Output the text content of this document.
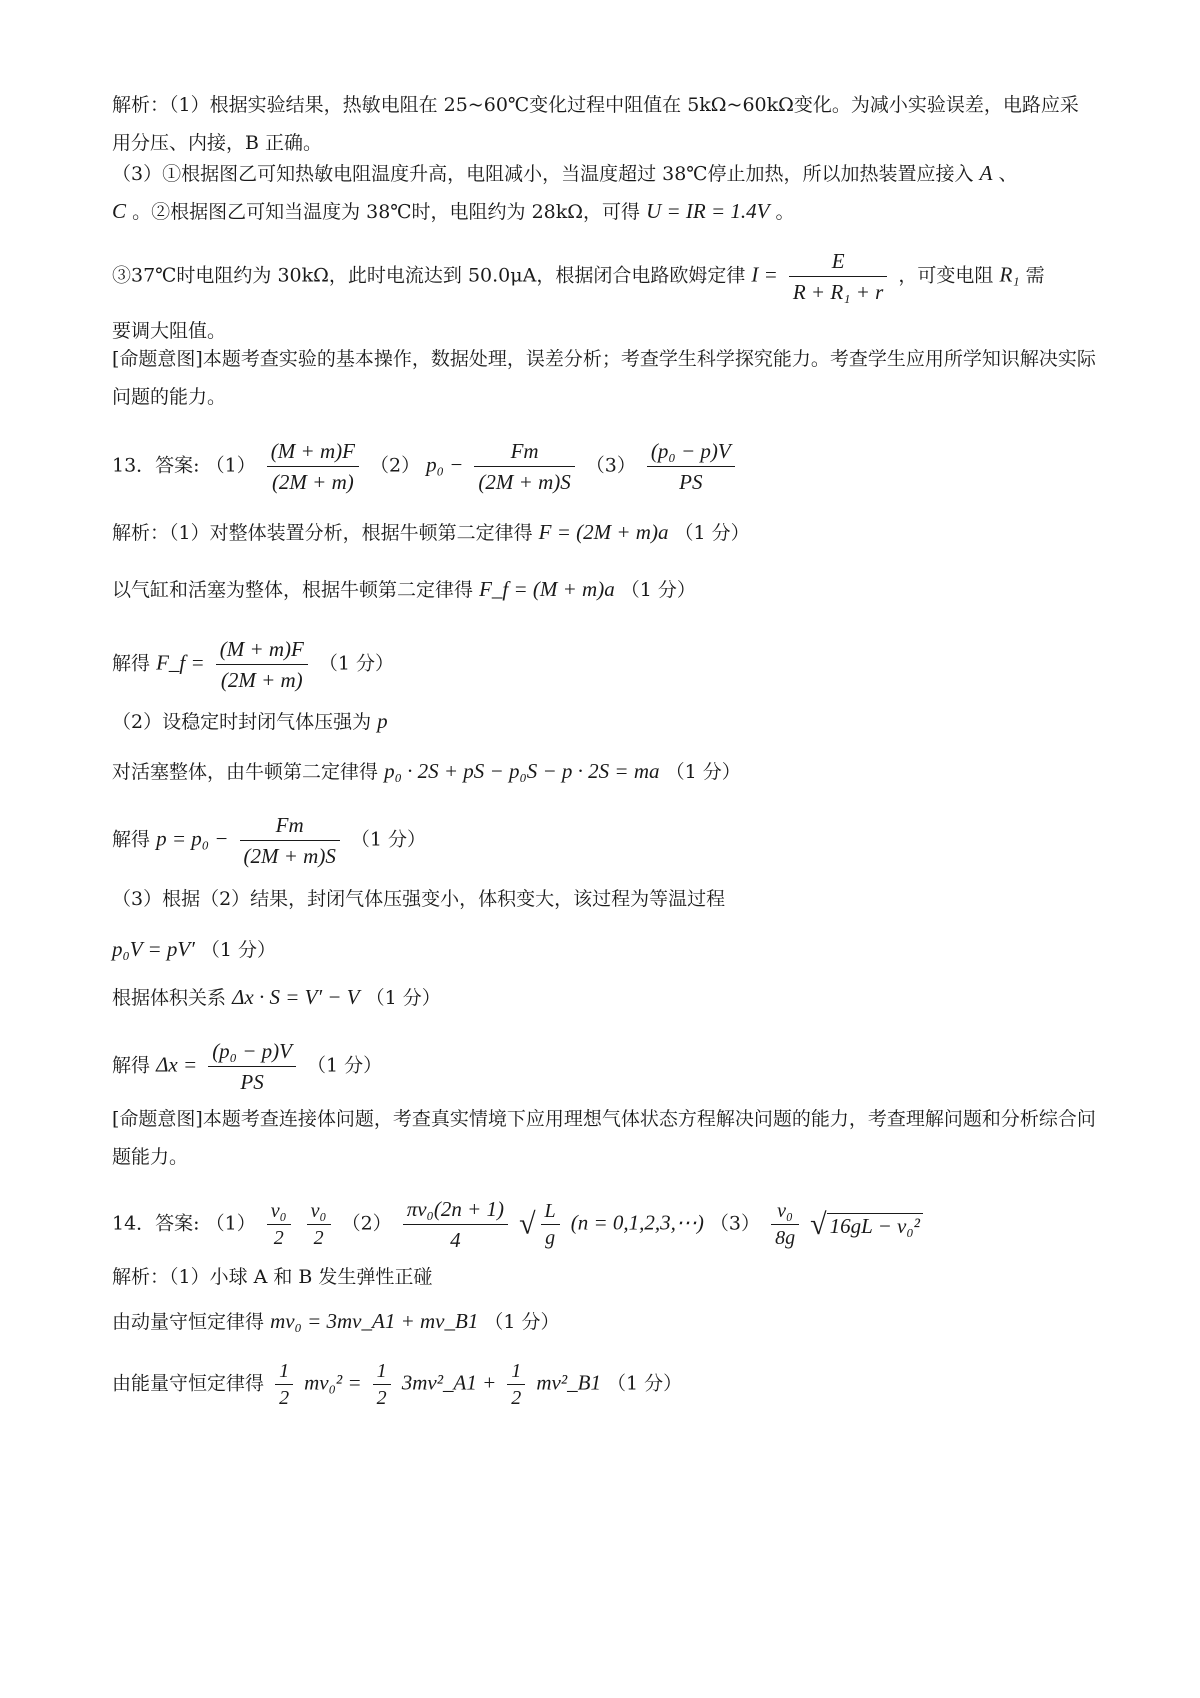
解析：（1）根据实验结果，热敏电阻在 25~60℃变化过程中阻值在 5kΩ~60kΩ变化。为减小实验误差，电路应采用分压、内接，B 正确。
（3）①根据图乙可知热敏电阻温度升高，电阻减小，当温度超过 38℃停止加热，所以加热装置应接入 A 、
C 。②根据图乙可知当温度为 38℃时，电阻约为 28kΩ，可得 U = IR = 1.4V 。
③37℃时电阻约为 30kΩ，此时电流达到 50.0μA，根据闭合电路欧姆定律 $I = \frac{E}{\text{R + R₁ + r}}$ ，可变电阻 R₁ 需
要调大阻值。
[命题意图]本题考查实验的基本操作，数据处理，误差分析；考查学生科学探究能力。考查学生应用所学知识解决实际问题的能力。
13．答案: $(1) \frac{(M + m)F}{(2M + m)} (2) p_0 - \frac{Fm}{(2M + m)S} (3) \frac{\text{(p₀ − p)V}}{PS}$
解析：（1）对整体装置分析，根据牛顿第二定律得 F = (2M + m)a （1 分）
以气缸和活塞为整体，根据牛顿第二定律得 F_f = (M + m)a （1 分）
解得 F_f = $\frac{(M + m)F}{(2M + m)} (1$ 分）
（2）设稳定时封闭气体压强为 p
对活塞整体，由牛顿第二定律得 p₀ · 2S + pS − p₀S − p · 2S = ma （1 分）
解得 $p = p_0 - \frac{Fm}{(2M + m)S} (1$ 分）
（3）根据（2）结果，封闭气体压强变小，体积变大，该过程为等温过程
p₀V = pV′ （1 分）
根据体积关系 Δx · S = V′ − V （1 分）
解得 $\Delta x = \frac{\text{(p₀ − p)V}}{PS} (1$ 分）
[命题意图]本题考查连接体问题，考查真实情境下应用理想气体状态方程解决问题的能力，考查理解问题和分析综合问题能力。
14．答案: $(1) \frac{\text{v₀}}{2}$
$\frac{\text{v₀}}{2} (2) \frac{\text{πv₀(2n + 1)}}{4}$ √ $\frac{L}{g} (n$ = 0,1,2,3,⋯) $(3) \frac{\text{v₀}}{8g}$ √ 16gL − v₀²
解析：（1）小球 A 和 B 发生弹性正碰
由动量守恒定律得 mv₀ = 3mv_A1 + mv_B1 （1 分）
由能量守恒定律得 $\frac{1}{2} mv_0^2 = \frac{1}{2}$ 3mv²_A1 + $\frac{1}{2}$ mv²_B1 （1 分）
